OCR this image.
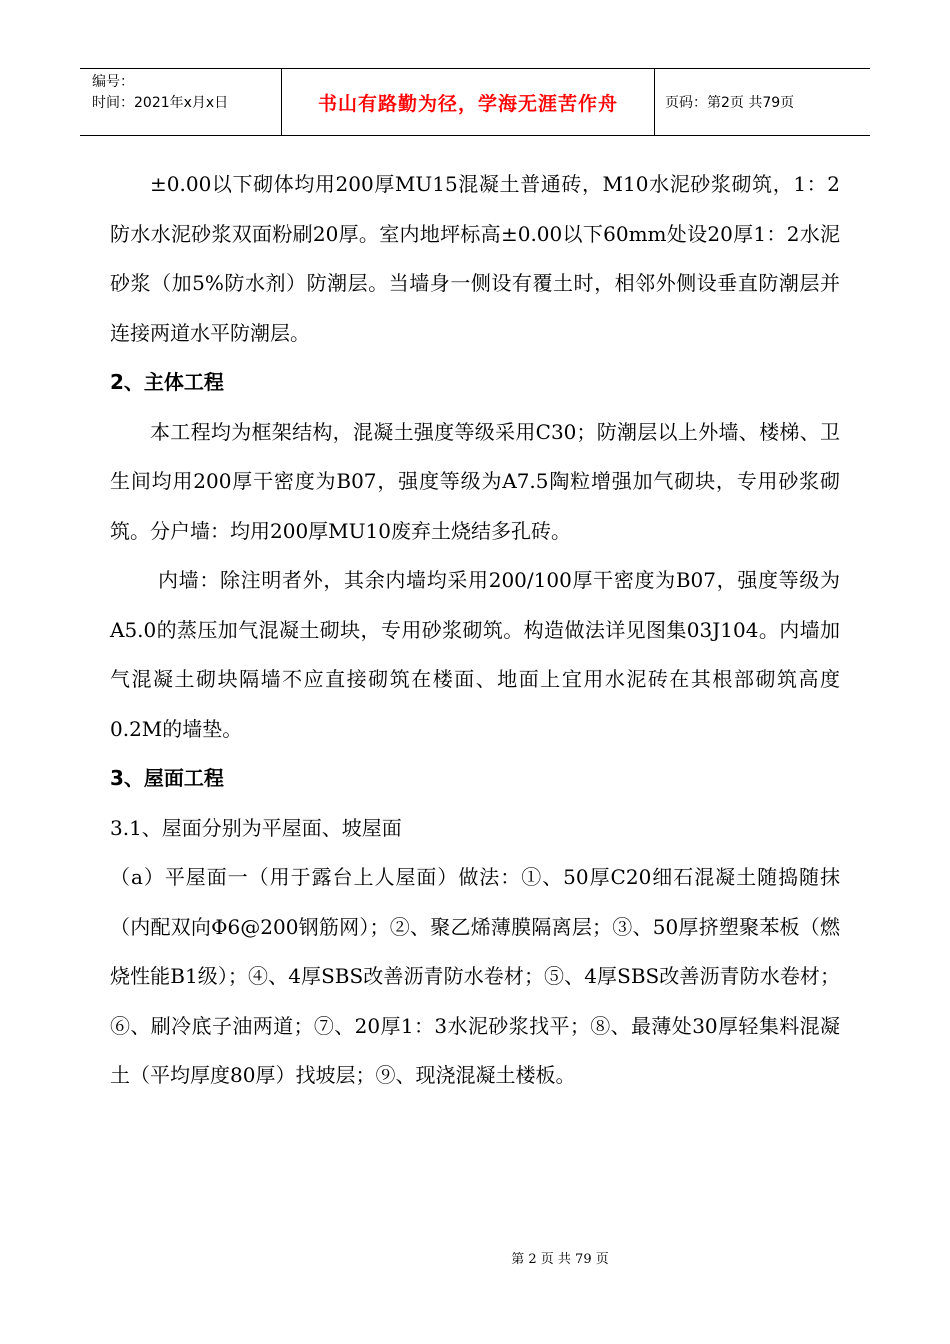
编号：
时间：2021年x月x日	书山有路勤为径，学海无涯苦作舟	页码：第2页 共79页

±0.00以下砌体均用200厚MU15混凝土普通砖，M10水泥砂浆砌筑，1：2防水水泥砂浆双面粉刷20厚。室内地坪标高±0.00以下60mm处设20厚1：2水泥砂浆（加5%防水剂）防潮层。当墙身一侧设有覆土时，相邻外侧设垂直防潮层并连接两道水平防潮层。

2、主体工程

本工程均为框架结构，混凝土强度等级采用C30；防潮层以上外墙、楼梯、卫生间均用200厚干密度为B07，强度等级为A7.5陶粒增强加气砌块，专用砂浆砌筑。分户墙：均用200厚MU10废弃土烧结多孔砖。

内墙：除注明者外，其余内墙均采用200/100厚干密度为B07，强度等级为A5.0的蒸压加气混凝土砌块，专用砂浆砌筑。构造做法详见图集03J104。内墙加气混凝土砌块隔墙不应直接砌筑在楼面、地面上宜用水泥砖在其根部砌筑高度0.2M的墙垫。

3、屋面工程

3.1、屋面分别为平屋面、坡屋面

（a）平屋面一（用于露台上人屋面）做法：①、50厚C20细石混凝土随捣随抹（内配双向Φ6@200钢筋网）；②、聚乙烯薄膜隔离层；③、50厚挤塑聚苯板（燃烧性能B1级）；④、4厚SBS改善沥青防水卷材；⑤、4厚SBS改善沥青防水卷材；⑥、刷冷底子油两道；⑦、20厚1：3水泥砂浆找平；⑧、最薄处30厚轻集料混凝土（平均厚度80厚）找坡层；⑨、现浇混凝土楼板。

第 2 页 共 79 页
